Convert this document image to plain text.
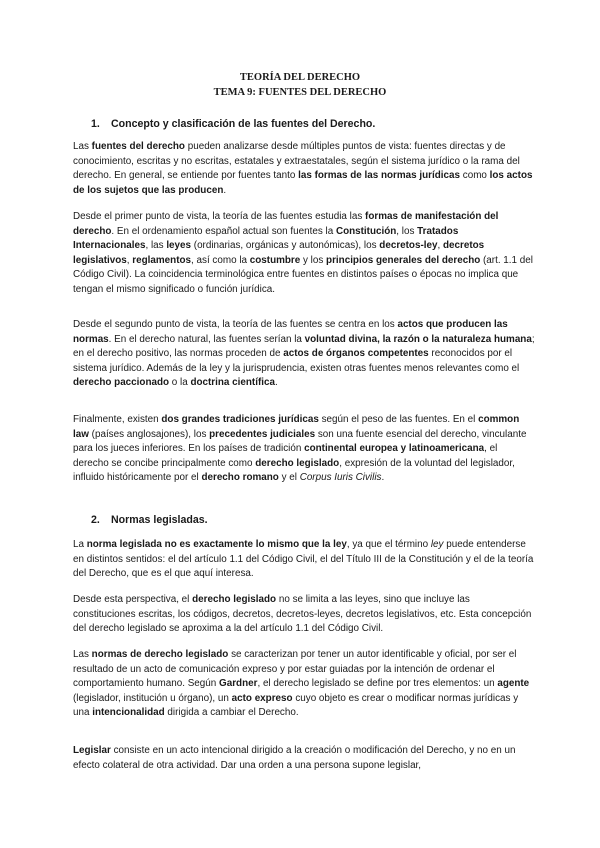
TEORÍA DEL DERECHO
TEMA 9: FUENTES DEL DERECHO
1. Concepto y clasificación de las fuentes del Derecho.
Las fuentes del derecho pueden analizarse desde múltiples puntos de vista: fuentes directas y de conocimiento, escritas y no escritas, estatales y extraestatales, según el sistema jurídico o la rama del derecho. En general, se entiende por fuentes tanto las formas de las normas jurídicas como los actos de los sujetos que las producen.
Desde el primer punto de vista, la teoría de las fuentes estudia las formas de manifestación del derecho. En el ordenamiento español actual son fuentes la Constitución, los Tratados Internacionales, las leyes (ordinarias, orgánicas y autonómicas), los decretos-ley, decretos legislativos, reglamentos, así como la costumbre y los principios generales del derecho (art. 1.1 del Código Civil). La coincidencia terminológica entre fuentes en distintos países o épocas no implica que tengan el mismo significado o función jurídica.
Desde el segundo punto de vista, la teoría de las fuentes se centra en los actos que producen las normas. En el derecho natural, las fuentes serían la voluntad divina, la razón o la naturaleza humana; en el derecho positivo, las normas proceden de actos de órganos competentes reconocidos por el sistema jurídico. Además de la ley y la jurisprudencia, existen otras fuentes menos relevantes como el derecho paccionado o la doctrina científica.
Finalmente, existen dos grandes tradiciones jurídicas según el peso de las fuentes. En el common law (países anglosajones), los precedentes judiciales son una fuente esencial del derecho, vinculante para los jueces inferiores. En los países de tradición continental europea y latinoamericana, el derecho se concibe principalmente como derecho legislado, expresión de la voluntad del legislador, influido históricamente por el derecho romano y el Corpus Iuris Civilis.
2. Normas legisladas.
La norma legislada no es exactamente lo mismo que la ley, ya que el término ley puede entenderse en distintos sentidos: el del artículo 1.1 del Código Civil, el del Título III de la Constitución y el de la teoría del Derecho, que es el que aquí interesa.
Desde esta perspectiva, el derecho legislado no se limita a las leyes, sino que incluye las constituciones escritas, los códigos, decretos, decretos-leyes, decretos legislativos, etc. Esta concepción del derecho legislado se aproxima a la del artículo 1.1 del Código Civil.
Las normas de derecho legislado se caracterizan por tener un autor identificable y oficial, por ser el resultado de un acto de comunicación expreso y por estar guiadas por la intención de ordenar el comportamiento humano. Según Gardner, el derecho legislado se define por tres elementos: un agente (legislador, institución u órgano), un acto expreso cuyo objeto es crear o modificar normas jurídicas y una intencionalidad dirigida a cambiar el Derecho.
Legislar consiste en un acto intencional dirigido a la creación o modificación del Derecho, y no en un efecto colateral de otra actividad. Dar una orden a una persona supone legislar,
